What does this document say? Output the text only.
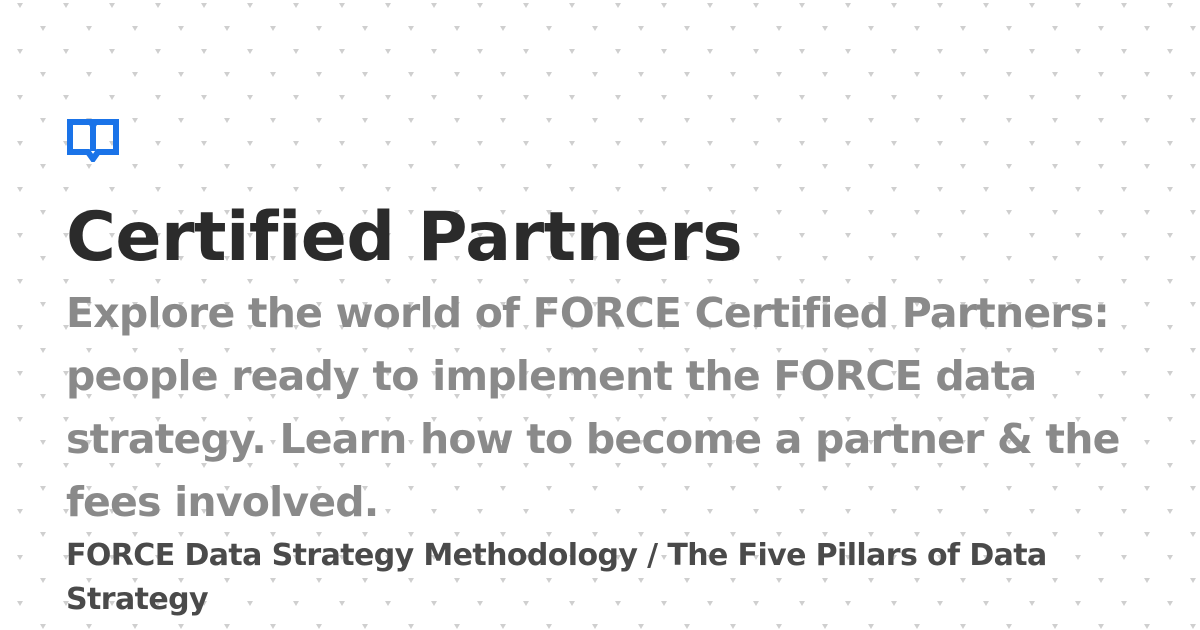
Certified Partners

Explore the world of FORCE Certified Partners: people ready to implement the FORCE data strategy. Learn how to become a partner & the fees involved.

FORCE Data Strategy Methodology / The Five Pillars of Data Strategy
